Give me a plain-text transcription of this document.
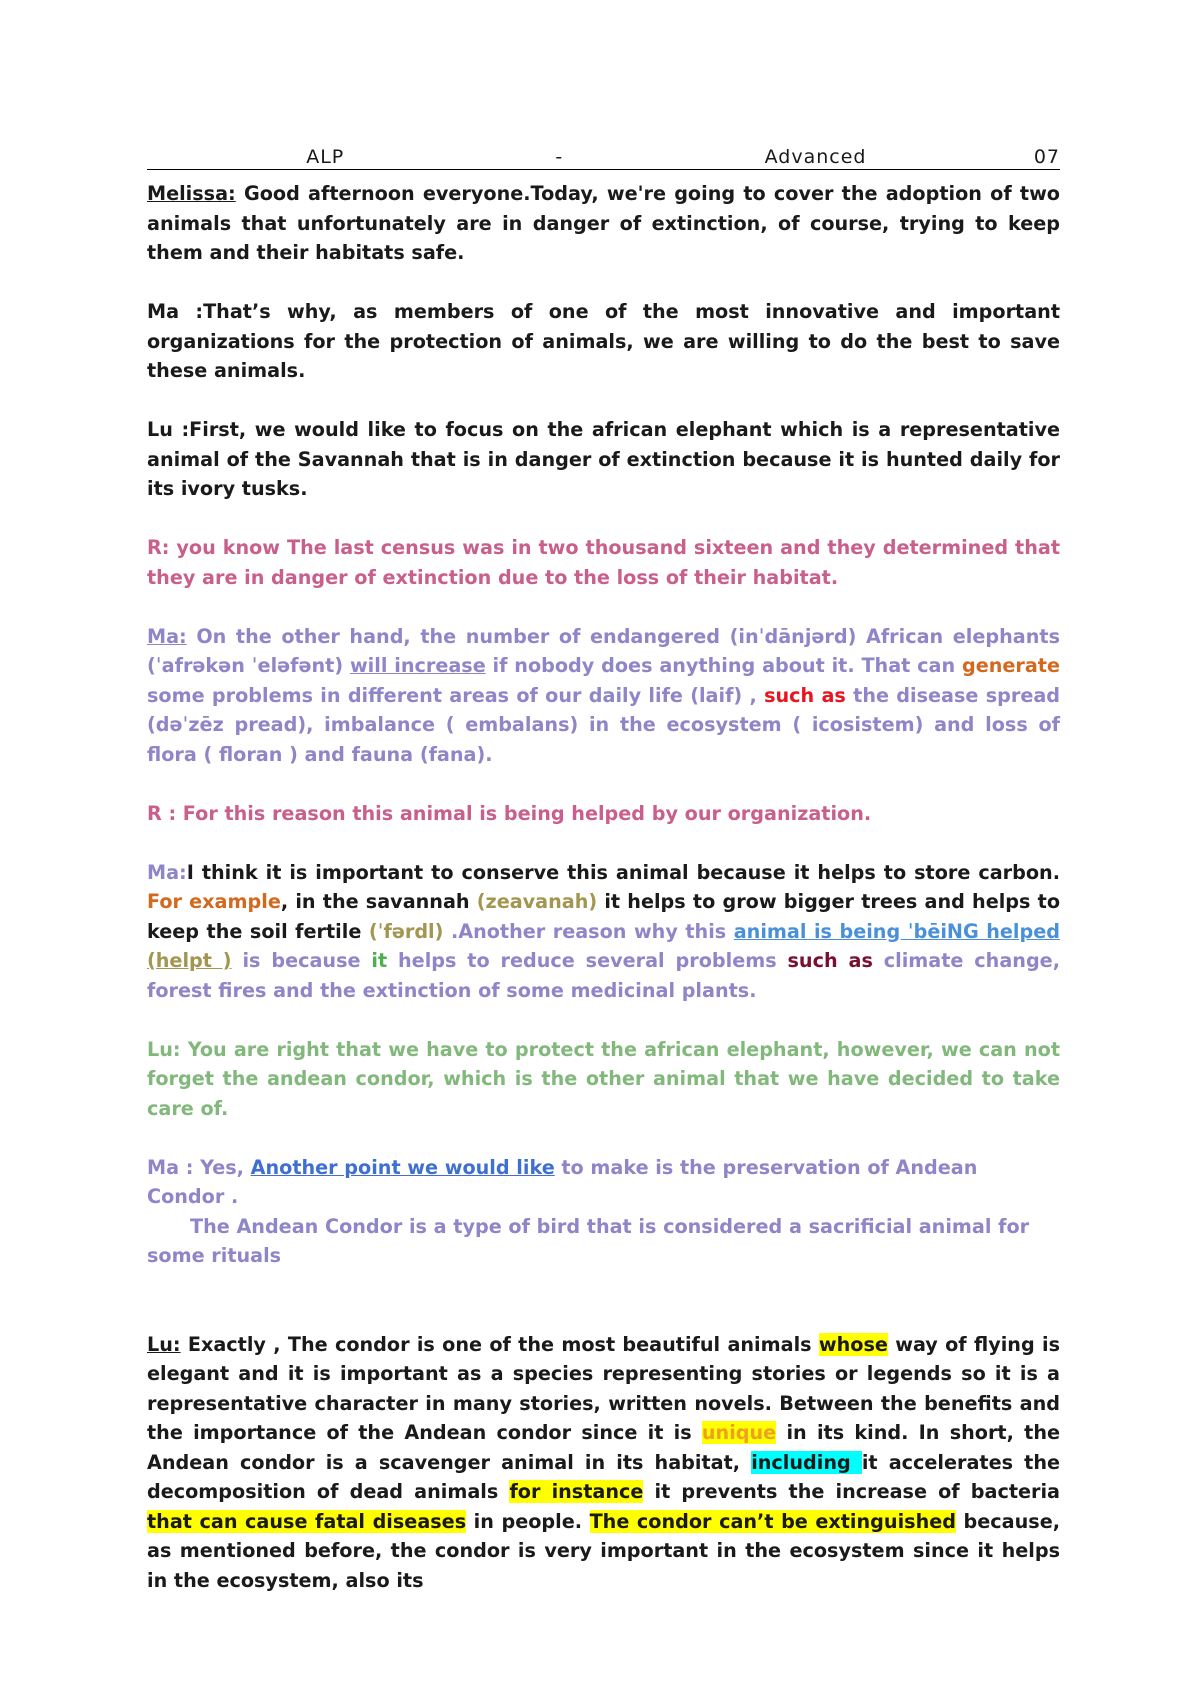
ALP	-	Advanced	07

Melissa: Good afternoon everyone.Today, we're going to cover the adoption of two animals that unfortunately are in danger of extinction, of course, trying to keep them and their habitats safe.

Ma :That’s why, as members of one of the most innovative and important organizations for the protection of animals, we are willing to do the best to save these animals.

Lu :First, we would like to focus on the african elephant which is a representative animal of the Savannah that is in danger of extinction because it is hunted daily for its ivory tusks.

R: you know The last census was in two thousand sixteen and they determined that they are in danger of extinction due to the loss of their habitat.

Ma: On the other hand, the number of endangered (inˈdānjərd) African elephants (ˈafrəkən ˈeləfənt) will increase if nobody does anything about it. That can generate some problems in different areas of our daily life (laif) , such as the disease spread (dəˈzēz pread), imbalance ( embalans) in the ecosystem ( icosistem) and loss of flora ( floran ) and fauna (fana).

R : For this reason this animal is being helped by our organization.

Ma:I think it is important to conserve this animal because it helps to store carbon. For example, in the savannah (zeavanah) it helps to grow bigger trees and helps to keep the soil fertile (ˈfərdl) .Another reason why this animal is being ˈbēiNG helped (helpt ) is because it helps to reduce several problems such as climate change, forest fires and the extinction of some medicinal plants.

Lu: You are right that we have to protect the african elephant, however, we can not forget the andean condor, which is the other animal that we have decided to take care of.

Ma : Yes, Another point we would like to make is the preservation of Andean Condor .
The Andean Condor is a type of bird that is considered a sacrificial animal for some rituals

Lu: Exactly , The condor is one of the most beautiful animals whose way of flying is elegant and it is important as a species representing stories or legends so it is a representative character in many stories, written novels. Between the benefits and the importance of the Andean condor since it is unique in its kind. In short, the Andean condor is a scavenger animal in its habitat, including it accelerates the decomposition of dead animals for instance it prevents the increase of bacteria that can cause fatal diseases in people. The condor can’t be extinguished because, as mentioned before, the condor is very important in the ecosystem since it helps in the ecosystem, also its
